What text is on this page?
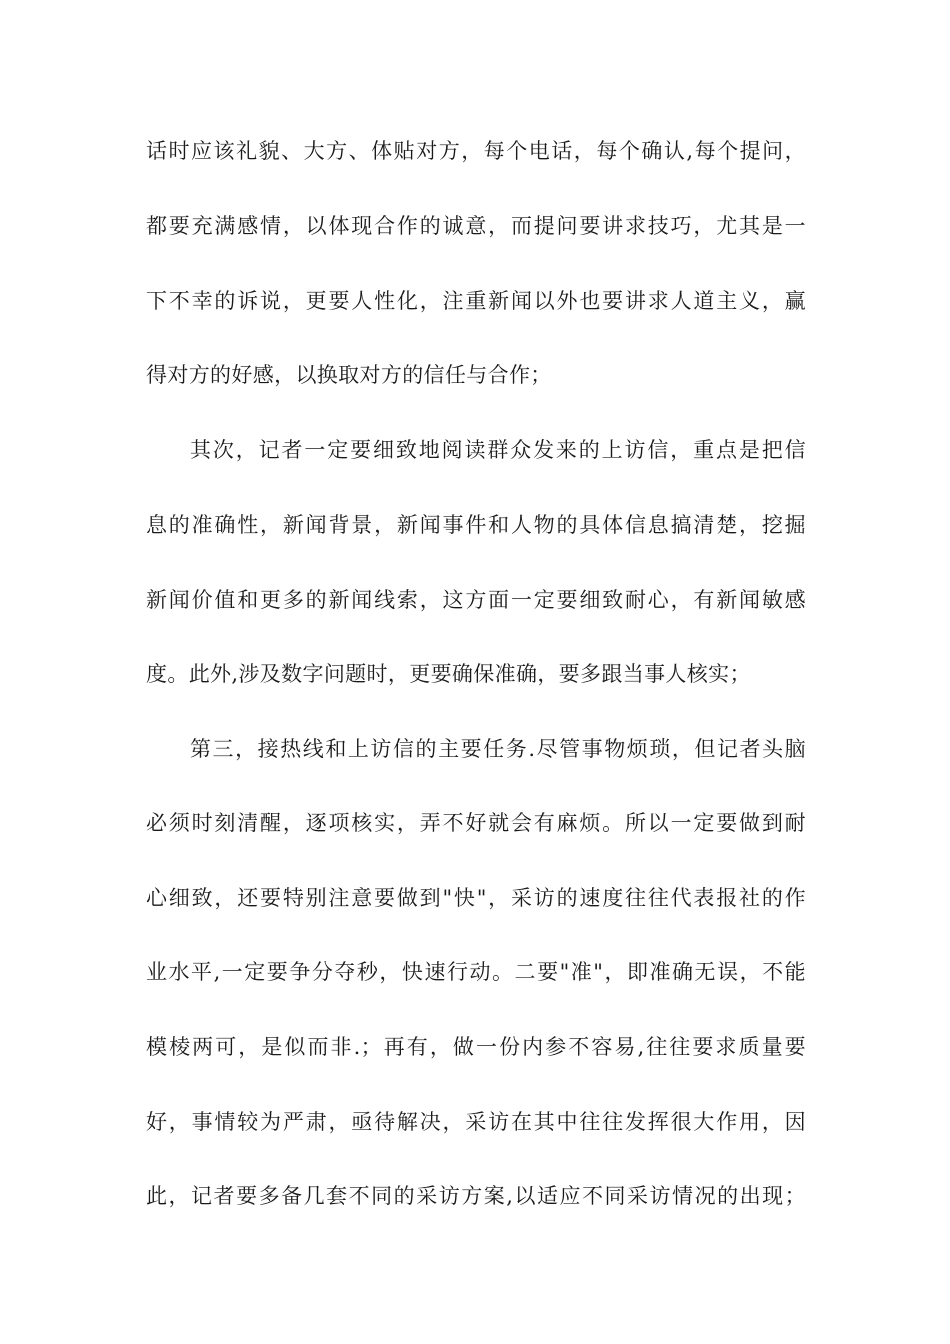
话时应该礼貌、大方、体贴对方，每个电话，每个确认,每个提问，
都要充满感情，以体现合作的诚意，而提问要讲求技巧，尤其是一
下不幸的诉说，更要人性化，注重新闻以外也要讲求人道主义，赢
得对方的好感，以换取对方的信任与合作；
其次，记者一定要细致地阅读群众发来的上访信，重点是把信
息的准确性，新闻背景，新闻事件和人物的具体信息搞清楚，挖掘
新闻价值和更多的新闻线索，这方面一定要细致耐心，有新闻敏感
度。此外,涉及数字问题时，更要确保准确，要多跟当事人核实；
第三，接热线和上访信的主要任务.尽管事物烦琐，但记者头脑
必须时刻清醒，逐项核实，弄不好就会有麻烦。所以一定要做到耐
心细致，还要特别注意要做到"快"，采访的速度往往代表报社的作
业水平,一定要争分夺秒，快速行动。二要"准"，即准确无误，不能
模棱两可，是似而非.；再有，做一份内参不容易,往往要求质量要
好，事情较为严肃，亟待解决，采访在其中往往发挥很大作用，因
此，记者要多备几套不同的采访方案,以适应不同采访情况的出现；
